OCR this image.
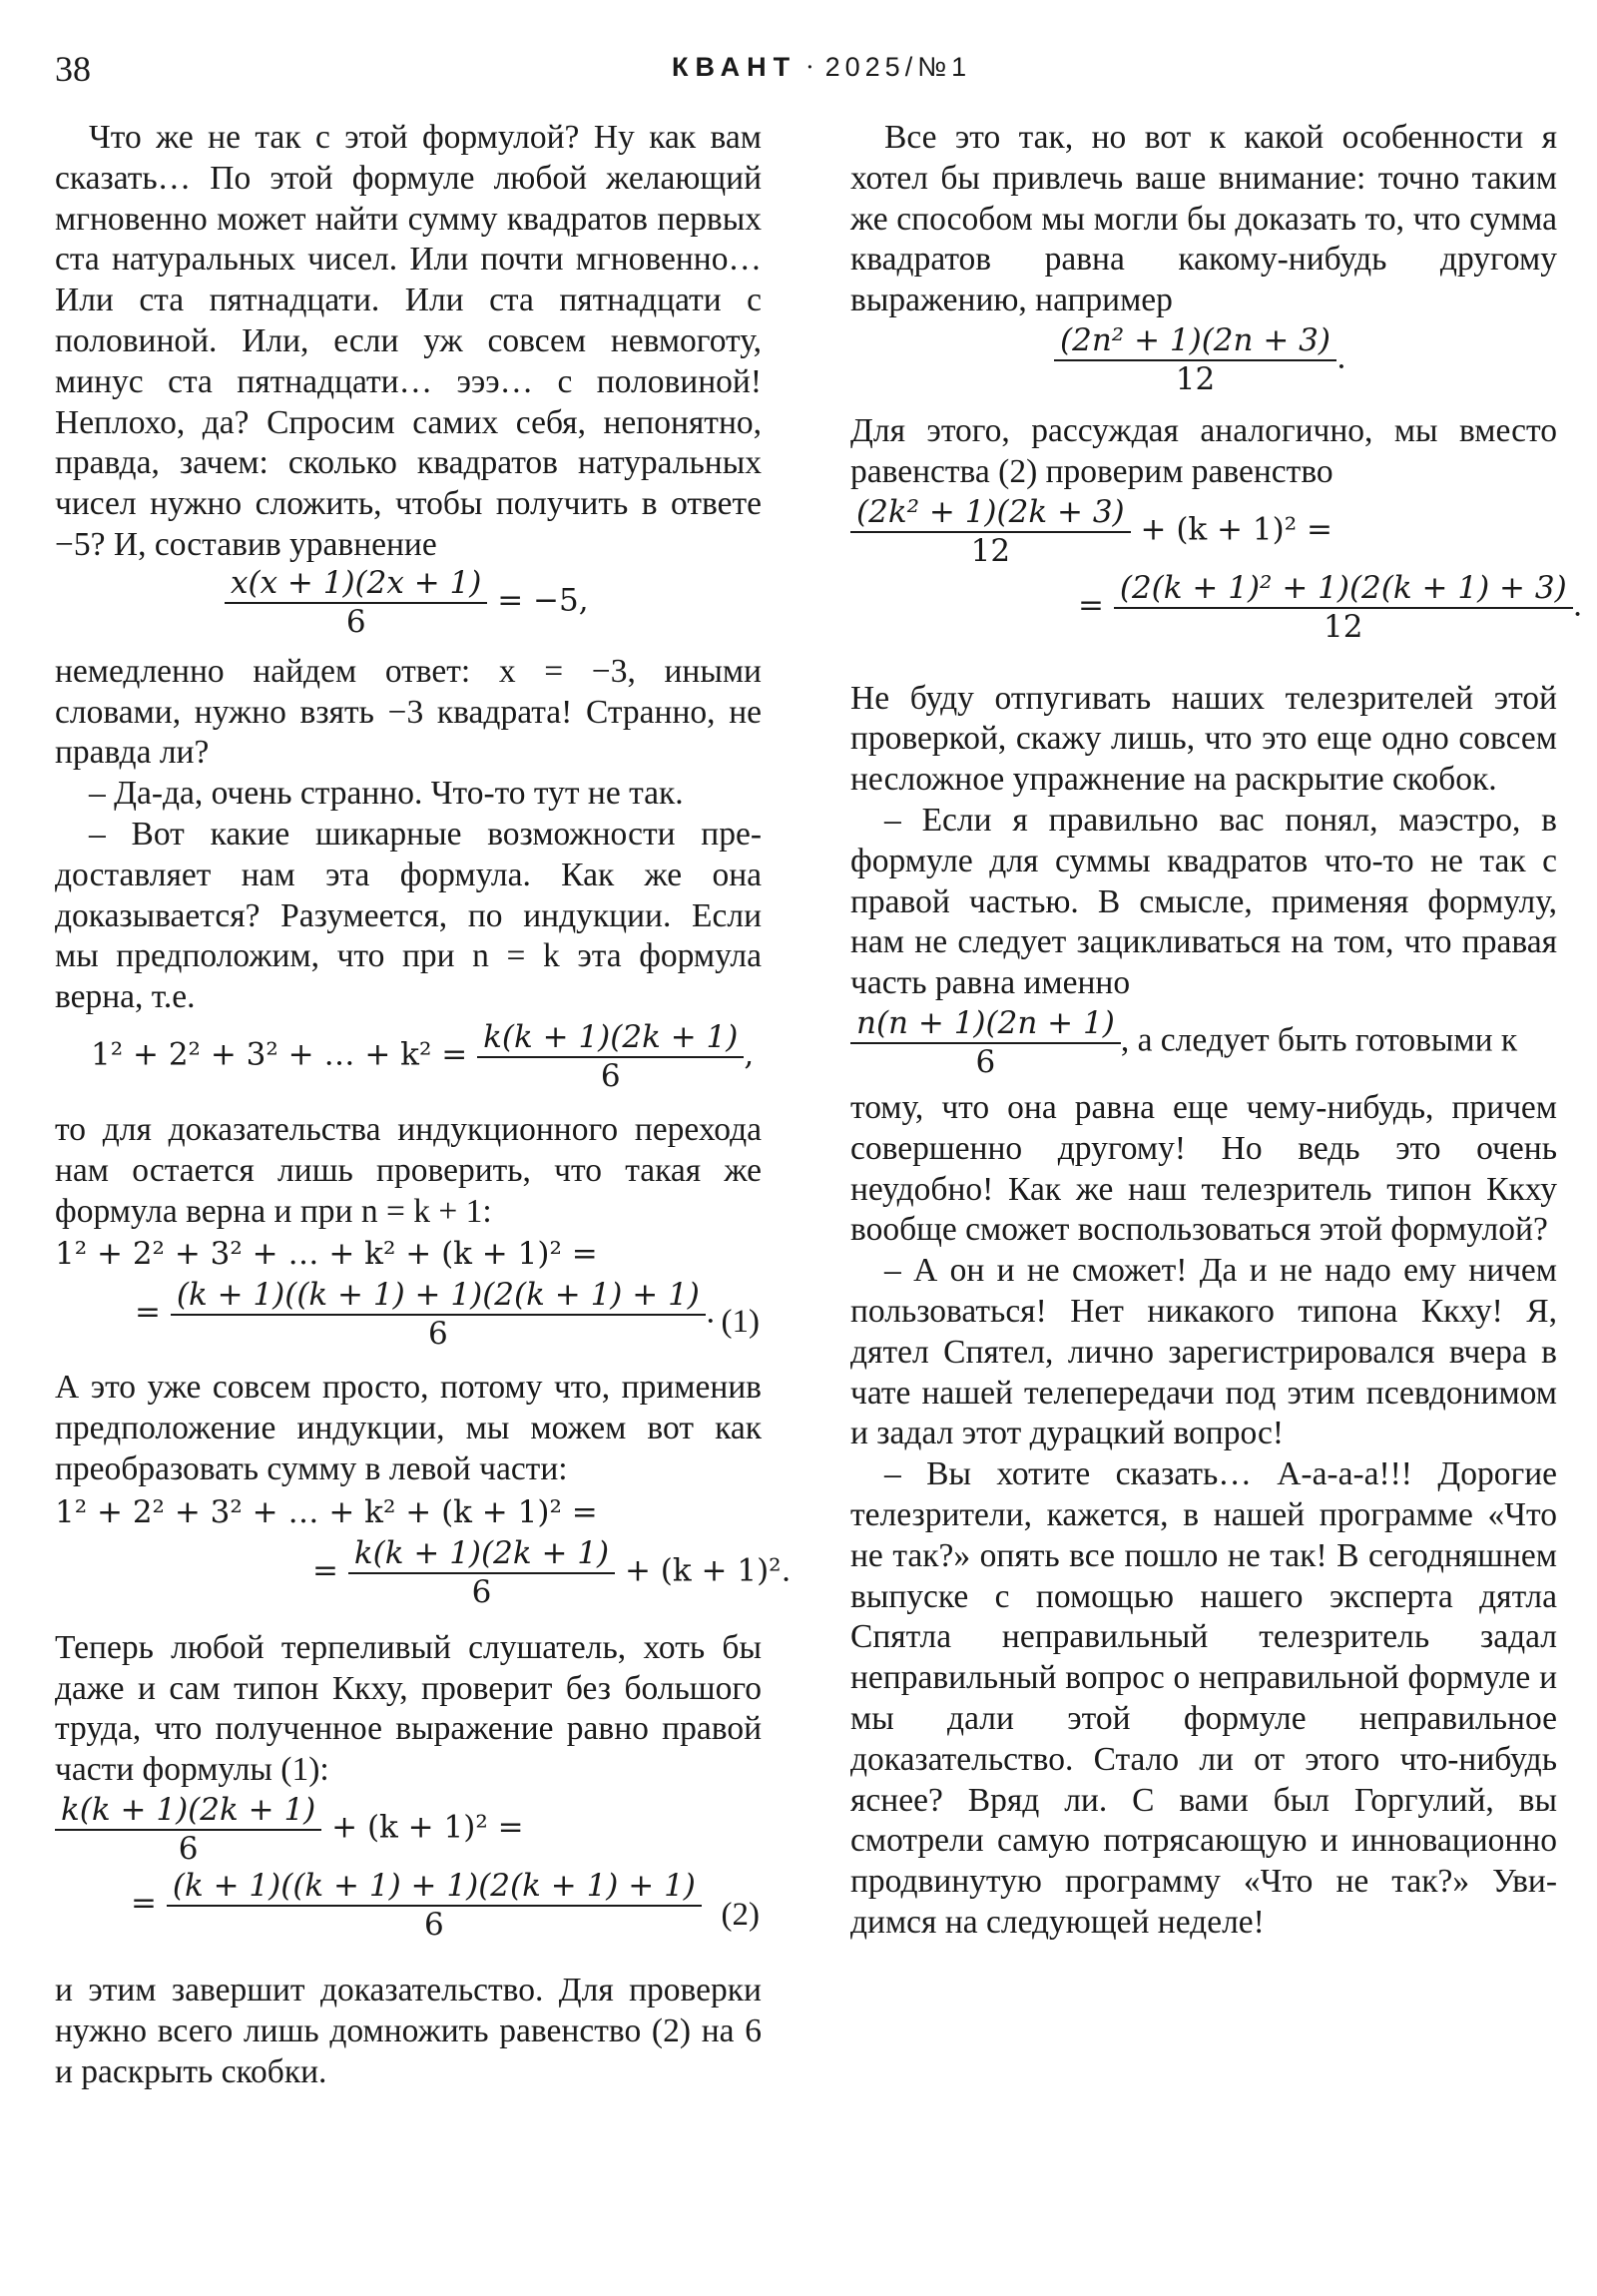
38	КВАНТ · 2025/№1

Что же не так с этой формулой? Ну как вам сказать… По этой формуле любой желающий мгновенно может найти сумму квадратов первых ста натуральных чисел. Или почти мгновенно… Или ста пятнадцати. Или ста пятнадцати с половиной. Или, если уж совсем невмоготу, минус ста пятнадцати… эээ… с половиной! Неплохо, да? Спросим самих себя, непонятно, правда, зачем: сколько квадратов натуральных чисел нужно сложить, чтобы получить в ответе −5? И, составив уравнение

$\frac{x(x + 1)(2x + 1)}{6} = -5$,

немедленно найдем ответ: x = −3, иными словами, нужно взять −3 квадрата! Странно, не правда ли?

– Да-да, очень странно. Что-то тут не так.

– Вот какие шикарные возможности предоставляет нам эта формула. Как же она доказывается? Разумеется, по индукции. Если мы предположим, что при n = k эта формула верна, т.е.

1² + 2² + 3² + … + $k^2 = \frac{k(k + 1)(2k + 1)}{6}$ ,

то для доказательства индукционного перехода нам остается лишь проверить, что такая же формула верна и при n = k + 1:

1² + 2² + 3² + … + k² + (k + 1)² =
= $\frac{(k + 1)((k + 1) + 1)(2(k + 1) + 1)}{6}$ . (1)

А это уже совсем просто, потому что, применив предположение индукции, мы можем вот как преобразовать сумму в левой части:

1² + 2² + 3² + … + k² + (k + 1)² =
= $\frac{k(k + 1)(2k + 1)}{6} + (k + 1)^2$.

Теперь любой терпеливый слушатель, хоть бы даже и сам типон Ккху, проверит без большого труда, что полученное выражение равно правой части формулы (1):

$\frac{k(k + 1)(2k + 1)}{6} + (k + 1)^2$ =
= $\frac{(k + 1)((k + 1) + 1)(2(k + 1) + 1)}{6} (2)$

и этим завершит доказательство. Для проверки нужно всего лишь домножить равенство (2) на 6 и раскрыть скобки.

Все это так, но вот к какой особенности я хотел бы привлечь ваше внимание: точно таким же способом мы могли бы доказать то, что сумма квадратов равна какому-нибудь другому выражению, например

$\frac{\text{(2n² + 1)(2n + 3)}}{12}$ .

Для этого, рассуждая аналогично, мы вместо равенства (2) проверим равенство

$\frac{\text{(2k² + 1)(2k + 3)}}{12} + (k + 1)^2$ =
= $\frac{\text{(2(k + 1)² + 1)(2(k + 1) + 3)}}{12}$ .

Не буду отпугивать наших телезрителей этой проверкой, скажу лишь, что это еще одно совсем несложное упражнение на раскрытие скобок.

– Если я правильно вас понял, маэстро, в формуле для суммы квадратов что-то не так с правой частью. В смысле, применяя формулу, нам не следует зацикливаться на том, что правая часть равна именно

$\frac{n(n + 1)(2n + 1)}{6}$ , а следует быть готовыми к

тому, что она равна еще чему-нибудь, причем совершенно другому! Но ведь это очень неудобно! Как же наш телезритель типон Ккху вообще сможет воспользоваться этой формулой?

– А он и не сможет! Да и не надо ему ничем пользоваться! Нет никакого типона Ккху! Я, дятел Спятел, лично зарегистрировался вчера в чате нашей телепередачи под этим псевдонимом и задал этот дурацкий вопрос!

– Вы хотите сказать… А-а-а-а!!! Дорогие телезрители, кажется, в нашей программе «Что не так?» опять все пошло не так! В сегодняшнем выпуске с помощью нашего эксперта дятла Спятла неправильный телезритель задал неправильный вопрос о неправильной формуле и мы дали этой формуле неправильное доказательство. Стало ли от этого что-нибудь яснее? Вряд ли. С вами был Горгулий, вы смотрели самую потрясающую и инновационно продвинутую программу «Что не так?» Увидимся на следующей неделе!
